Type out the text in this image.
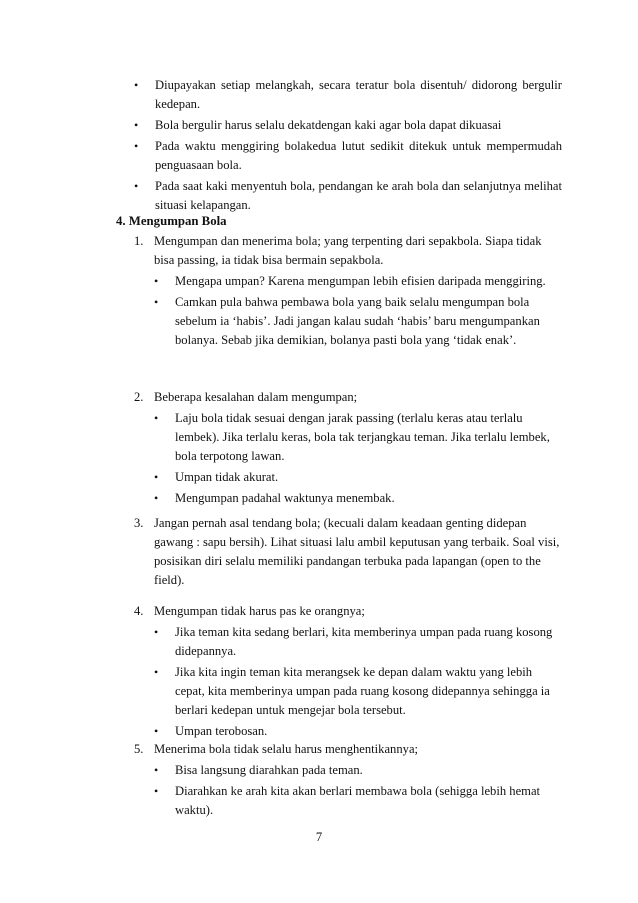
• Diupayakan setiap melangkah, secara teratur bola disentuh/ didorong bergulir kedepan.
• Bola bergulir harus selalu dekatdengan kaki agar bola dapat dikuasai
• Pada waktu menggiring bolakedua lutut sedikit ditekuk untuk mempermudah penguasaan bola.
• Pada saat kaki menyentuh bola, pendangan ke arah bola dan selanjutnya melihat situasi kelapangan.
4. Mengumpan Bola
1. Mengumpan dan menerima bola; yang terpenting dari sepakbola. Siapa tidak bisa passing, ia tidak bisa bermain sepakbola.
• Mengapa umpan? Karena mengumpan lebih efisien daripada menggiring.
• Camkan pula bahwa pembawa bola yang baik selalu mengumpan bola sebelum ia ‘habis’. Jadi jangan kalau sudah ‘habis’ baru mengumpankan bolanya. Sebab jika demikian, bolanya pasti bola yang ‘tidak enak’.
2. Beberapa kesalahan dalam mengumpan;
• Laju bola tidak sesuai dengan jarak passing (terlalu keras atau terlalu lembek). Jika terlalu keras, bola tak terjangkau teman. Jika terlalu lembek, bola terpotong lawan.
• Umpan tidak akurat.
• Mengumpan padahal waktunya menembak.
3. Jangan pernah asal tendang bola; (kecuali dalam keadaan genting didepan gawang : sapu bersih). Lihat situasi lalu ambil keputusan yang terbaik. Soal visi, posisikan diri selalu memiliki pandangan terbuka pada lapangan (open to the field).
4. Mengumpan tidak harus pas ke orangnya;
• Jika teman kita sedang berlari, kita memberinya umpan pada ruang kosong didepannya.
• Jika kita ingin teman kita merangsek ke depan dalam waktu yang lebih cepat, kita memberinya umpan pada ruang kosong didepannya sehingga ia berlari kedepan untuk mengejar bola tersebut.
• Umpan terobosan.
5. Menerima bola tidak selalu harus menghentikannya;
• Bisa langsung diarahkan pada teman.
• Diarahkan ke arah kita akan berlari membawa bola (sehigga lebih hemat waktu).
7
